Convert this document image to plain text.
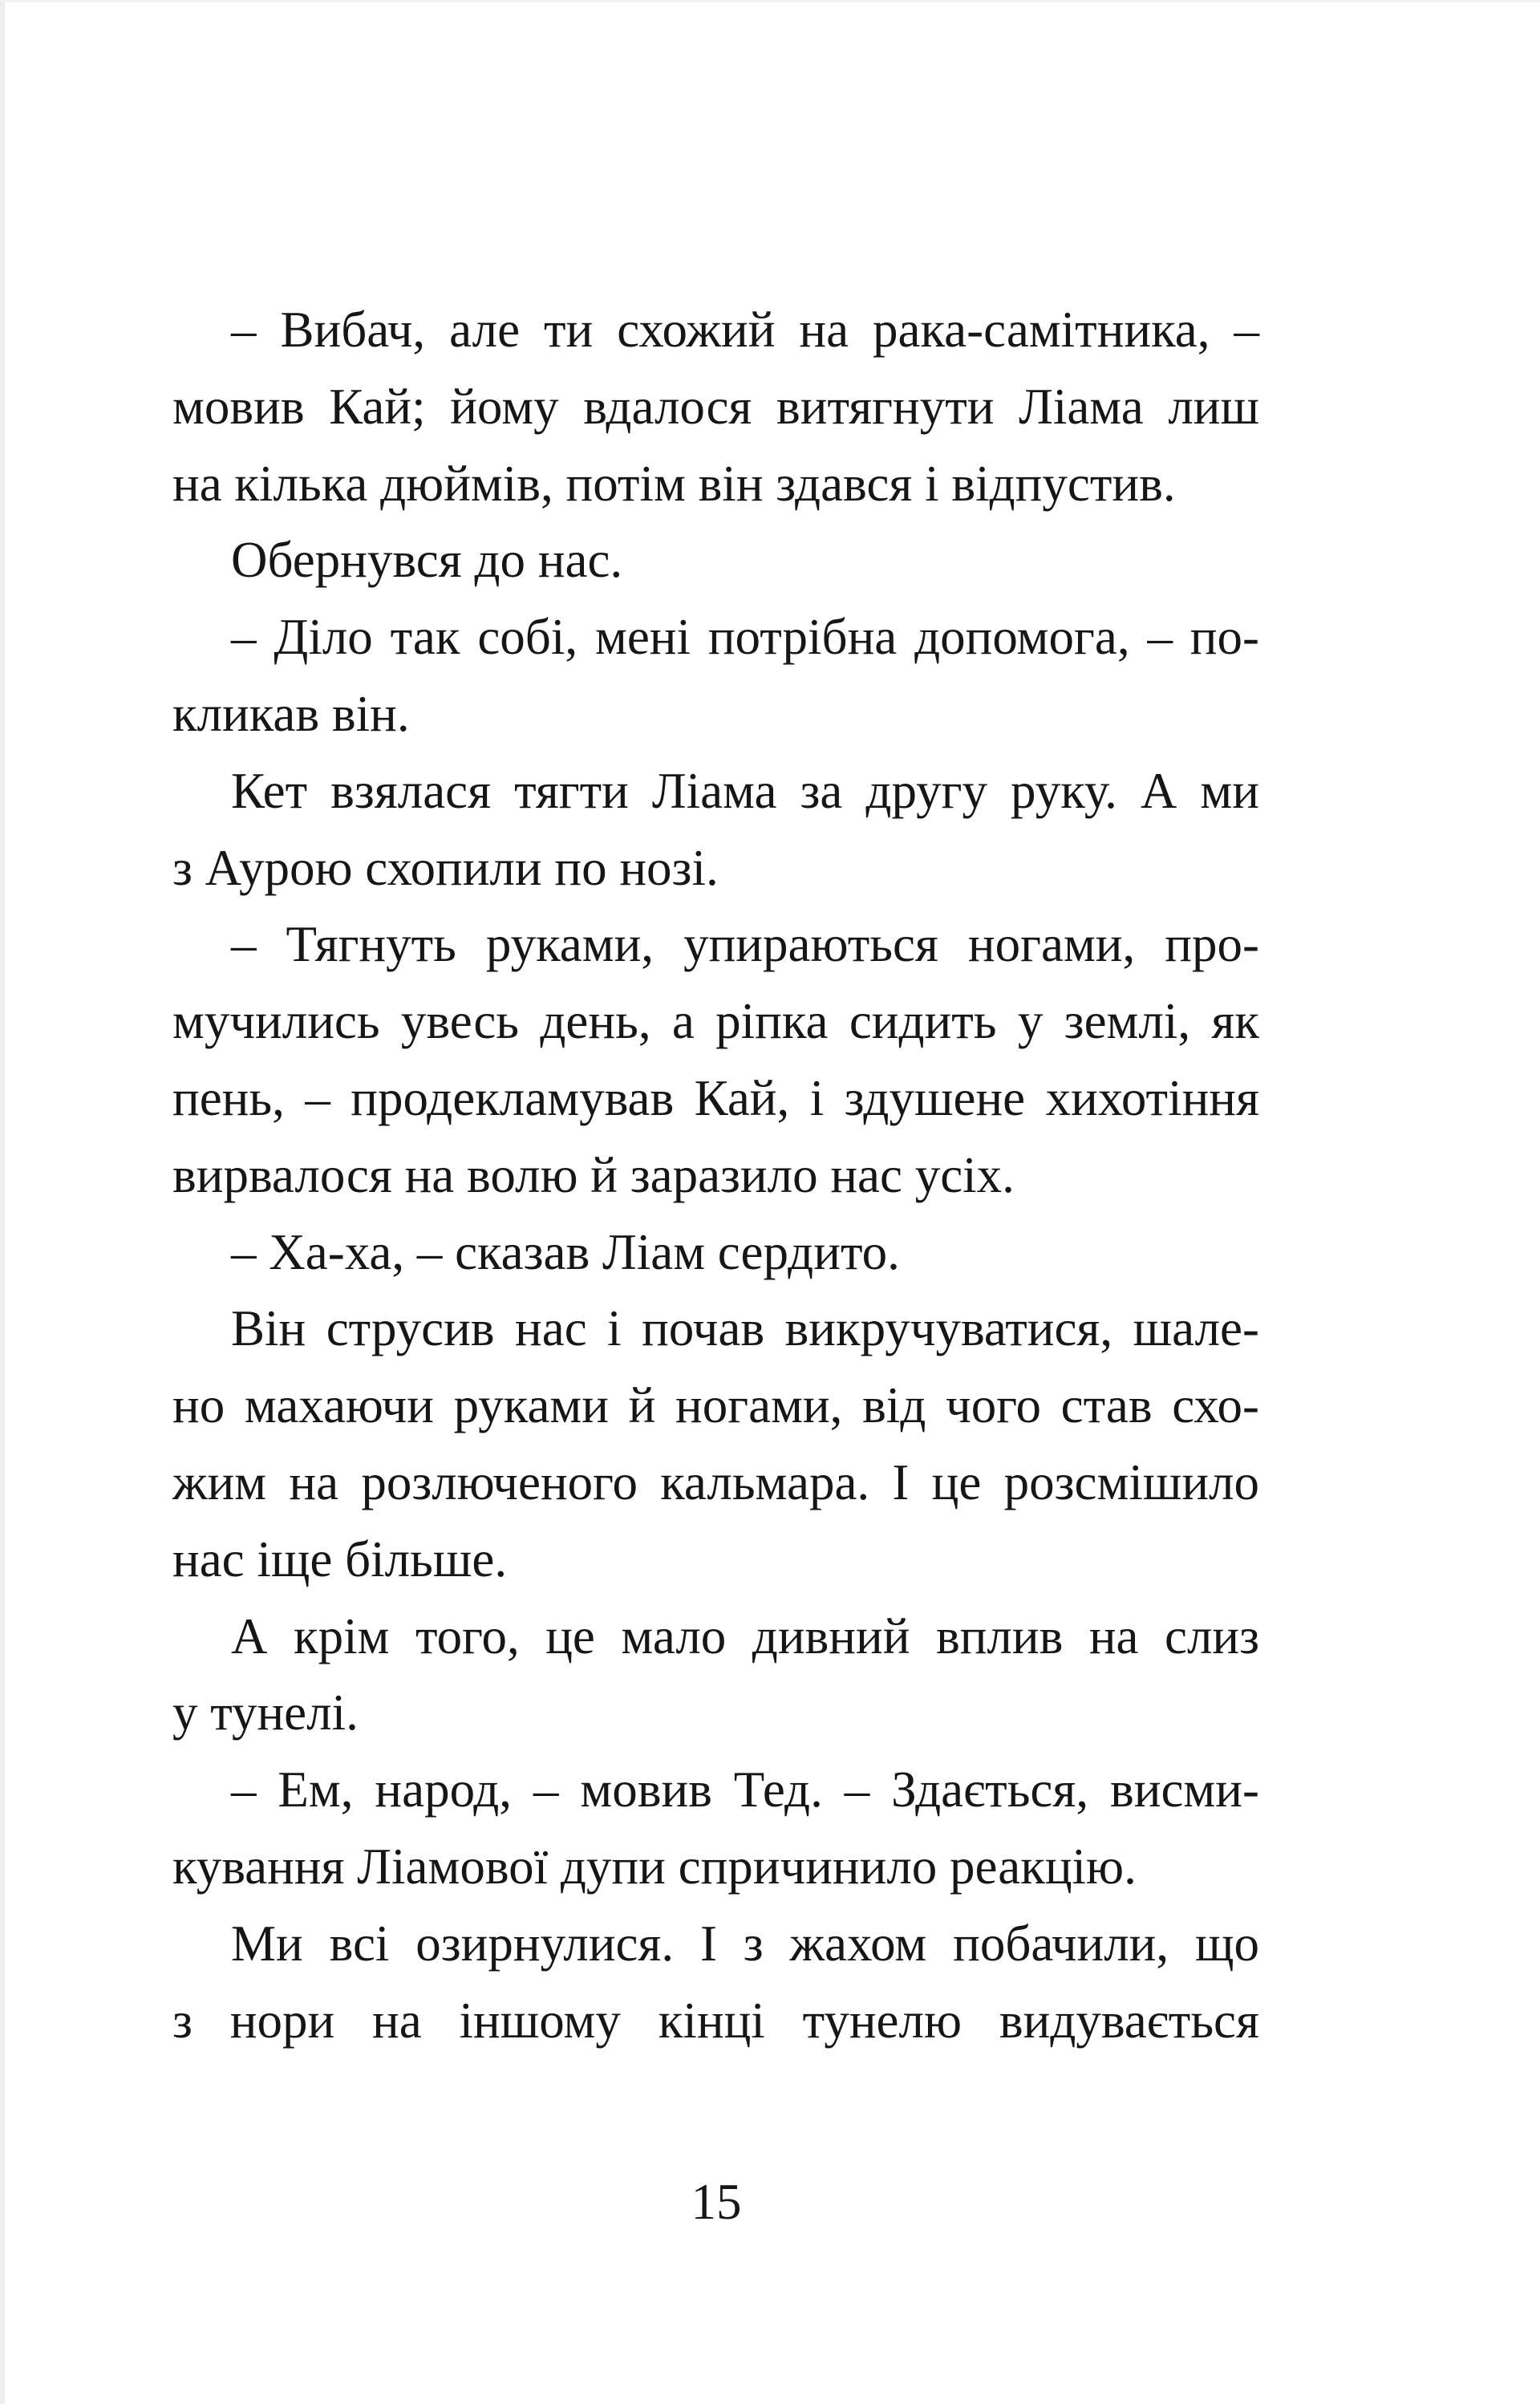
– Вибач, але ти схожий на рака-самітника, –
мовив Кай; йому вдалося витягнути Ліама лиш
на кілька дюймів, потім він здався і відпустив.
Обернувся до нас.
– Діло так собі, мені потрібна допомога, – по-
кликав він.
Кет взялася тягти Ліама за другу руку. А ми
з Аурою схопили по нозі.
– Тягнуть руками, упираються ногами, про-
мучились увесь день, а ріпка сидить у землі, як
пень, – продекламував Кай, і здушене хихотіння
вирвалося на волю й заразило нас усіх.
– Ха-ха, – сказав Ліам сердито.
Він струсив нас і почав викручуватися, шале-
но махаючи руками й ногами, від чого став схо-
жим на розлюченого кальмара. І це розсмішило
нас іще більше.
А крім того, це мало дивний вплив на слиз
у тунелі.
– Ем, народ, – мовив Тед. – Здається, висми-
кування Ліамової дупи спричинило реакцію.
Ми всі озирнулися. І з жахом побачили, що
з нори на іншому кінці тунелю видувається
15
